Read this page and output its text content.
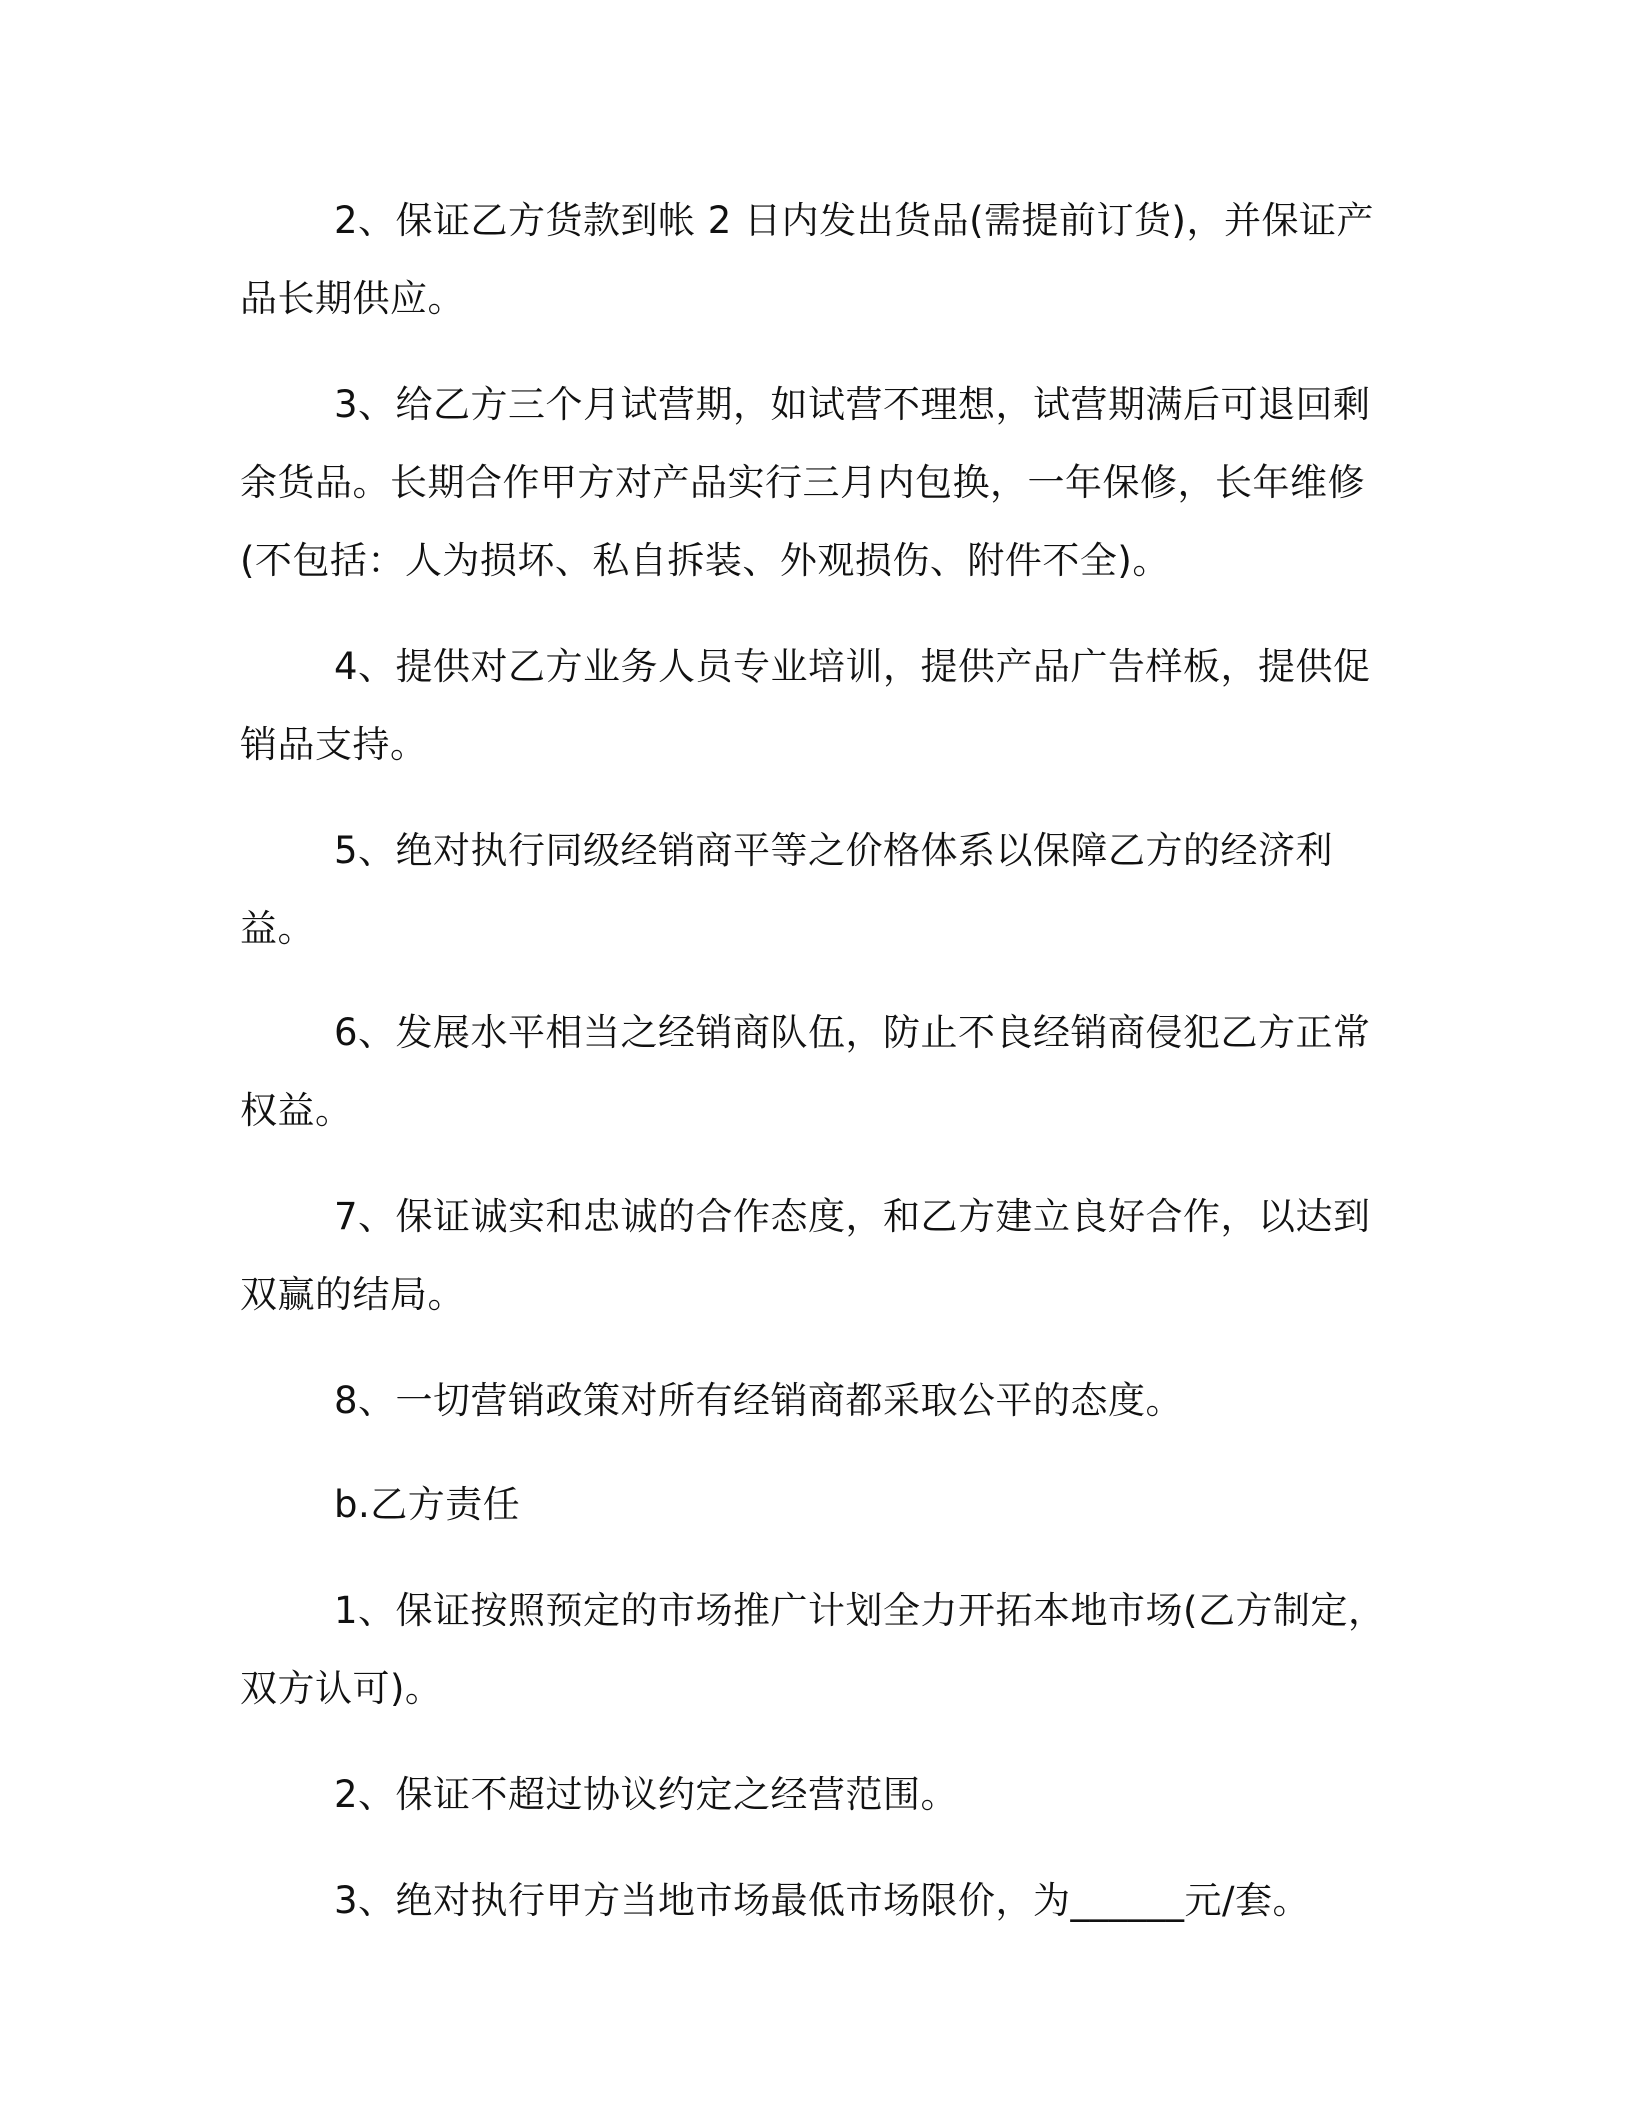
2、保证乙方货款到帐 2 日内发出货品(需提前订货)，并保证产品长期供应。

3、给乙方三个月试营期，如试营不理想，试营期满后可退回剩余货品。长期合作甲方对产品实行三月内包换，一年保修，长年维修(不包括：人为损坏、私自拆装、外观损伤、附件不全)。

4、提供对乙方业务人员专业培训，提供产品广告样板，提供促销品支持。

5、绝对执行同级经销商平等之价格体系以保障乙方的经济利益。

6、发展水平相当之经销商队伍，防止不良经销商侵犯乙方正常权益。

7、保证诚实和忠诚的合作态度，和乙方建立良好合作，以达到双赢的结局。

8、一切营销政策对所有经销商都采取公平的态度。

b.乙方责任

1、保证按照预定的市场推广计划全力开拓本地市场(乙方制定，双方认可)。

2、保证不超过协议约定之经营范围。

3、绝对执行甲方当地市场最低市场限价，为______元/套。
